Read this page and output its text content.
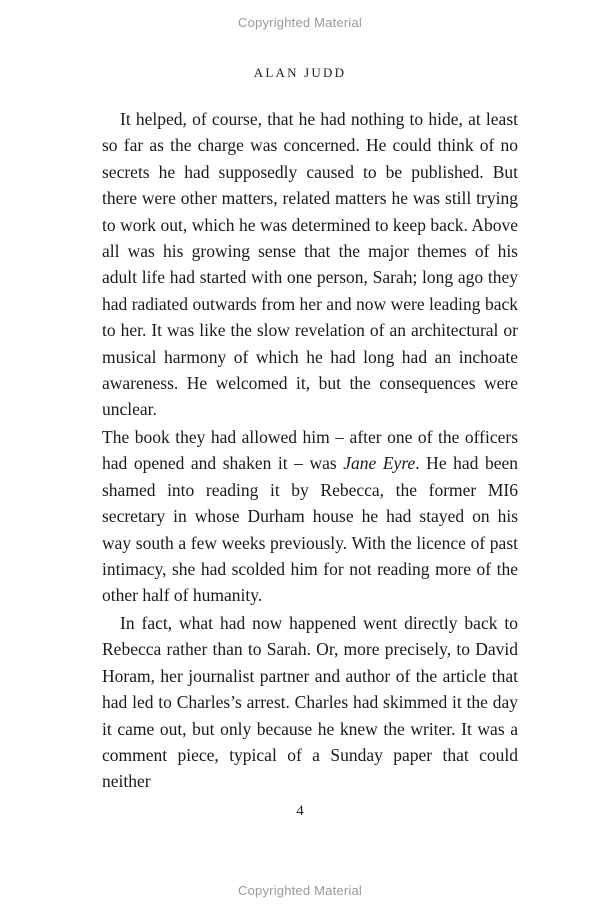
Copyrighted Material
ALAN JUDD

It helped, of course, that he had nothing to hide, at least so far as the charge was concerned. He could think of no secrets he had supposedly caused to be published. But there were other matters, related matters he was still trying to work out, which he was determined to keep back. Above all was his growing sense that the major themes of his adult life had started with one person, Sarah; long ago they had radiated outwards from her and now were leading back to her. It was like the slow revelation of an architectural or musical harmony of which he had long had an inchoate awareness. He welcomed it, but the consequences were unclear.

The book they had allowed him – after one of the officers had opened and shaken it – was Jane Eyre. He had been shamed into reading it by Rebecca, the former MI6 secretary in whose Durham house he had stayed on his way south a few weeks previously. With the licence of past intimacy, she had scolded him for not reading more of the other half of humanity.

In fact, what had now happened went directly back to Rebecca rather than to Sarah. Or, more precisely, to David Horam, her journalist partner and author of the article that had led to Charles’s arrest. Charles had skimmed it the day it came out, but only because he knew the writer. It was a comment piece, typical of a Sunday paper that could neither

4
Copyrighted Material
